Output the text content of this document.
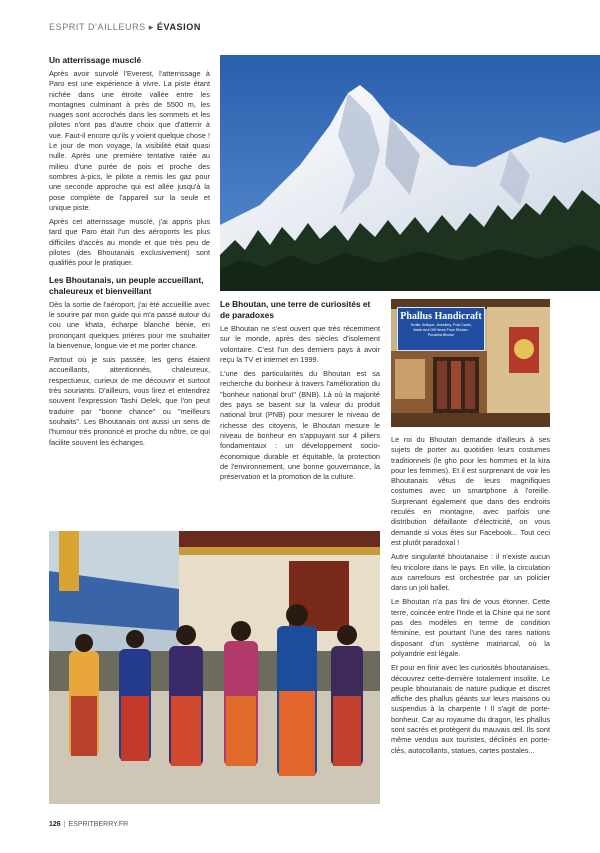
ESPRIT D'AILLEURS ▸ ÉVASION
Un atterrissage musclé

Après avoir survolé l'Everest, l'atterrissage à Paro est une expérience à vivre. La piste étant nichée dans une étroite vallée entre les montagnes culminant à près de 5500 m, les nuages sont accrochés dans les sommets et les pilotes n'ont pas d'autre choix que d'atterrir à vue. Faut-il encore qu'ils y voient quelque chose ! Le jour de mon voyage, la visibilité était quasi nulle. Après une première tentative ratée au milieu d'une purée de pois et proche des sombres à-pics, le pilote a remis les gaz pour une seconde approche qui est allée jusqu'à la pose complète de l'appareil sur la seule et unique piste.

Après cet atterrissage musclé, j'ai appris plus tard que Paro était l'un des aéroports les plus difficiles d'accès au monde et que très peu de pilotes (des Bhoutanais exclusivement) sont qualifiés pour le pratiquer.

Les Bhoutanais, un peuple accueillant, chaleureux et bienveillant

Dès la sortie de l'aéroport, j'ai été accueillie avec le sourire par mon guide qui m'a passé autour du cou une khata, écharpe blanche bénie, en prononçant quelques prières pour me souhaiter la bienvenue, longue vie et me porter chance.

Partout où je suis passée, les gens étaient accueillants, attentionnés, chaleureux, respectueux, curieux de me découvrir et surtout très souriants. D'ailleurs, vous lirez et entendrez souvent l'expression Tashi Delek, que l'on peut traduire par "bonne chance" ou "meilleurs souhaits". Les Bhoutanais ont aussi un sens de l'humour très prononcé et proche du nôtre, ce qui facilite souvent les échanges.

Le Bhoutan, une terre de curiosités et de paradoxes

Le Bhoutan ne s'est ouvert que très récemment sur le monde, après des siècles d'isolement volontaire. C'est l'un des derniers pays à avoir reçu la TV et internet en 1999.

L'une des particularités du Bhoutan est sa recherche du bonheur à travers l'amélioration du "bonheur national brut" (BNB). Là où la majorité des pays se basent sur la valeur du produit national brut (PNB) pour mesurer le niveau de richesse des citoyens, le Bhoutan mesure le niveau de bonheur en s'appuyant sur 4 piliers fondamentaux : un développement socio-économique durable et équitable, la protection de l'environnement, une bonne gouvernance, la préservation et la promotion de la culture.

Phallus Handicraft
Textile, Antique, Jewellery, Post Cards,
Mask And Gift Items From Bhutan.
Punakha Bhutan

Le roi du Bhoutan demande d'ailleurs à ses sujets de porter au quotidien leurs costumes traditionnels (le gho pour les hommes et la kira pour les femmes). Et il est surprenant de voir les Bhoutanais vêtus de leurs magnifiques costumes avec un smartphone à l'oreille. Surprenant également que dans des endroits reculés en montagne, avec parfois une distribution défaillante d'électricité, on vous demande si vous êtes sur Facebook... Tout ceci est plutôt paradoxal !

Autre singularité bhoutanaise : il n'existe aucun feu tricolore dans le pays. En ville, la circulation aux carrefours est orchestrée par un policier dans un joli ballet.

Le Bhoutan n'a pas fini de vous étonner. Cette terre, coincée entre l'Inde et la Chine qui ne sont pas des modèles en terme de condition féminine, est pourtant l'une des rares nations disposant d'un système matriarcal, où la polyandrie est légale.

Et pour en finir avec les curiosités bhoutanaises, découvrez cette-dernière totalement insolite. Le peuple bhoutanais de nature pudique et discret affiche des phallus géants sur leurs maisons ou suspendus à la charpente ! Il s'agit de porte-bonheur. Car au royaume du dragon, les phallus sont sacrés et protègent du mauvais œil. Ils sont même vendus aux touristes, déclinés en porte-clés, autocollants, statues, cartes postales...

126 | ESPRITBERRY.FR
